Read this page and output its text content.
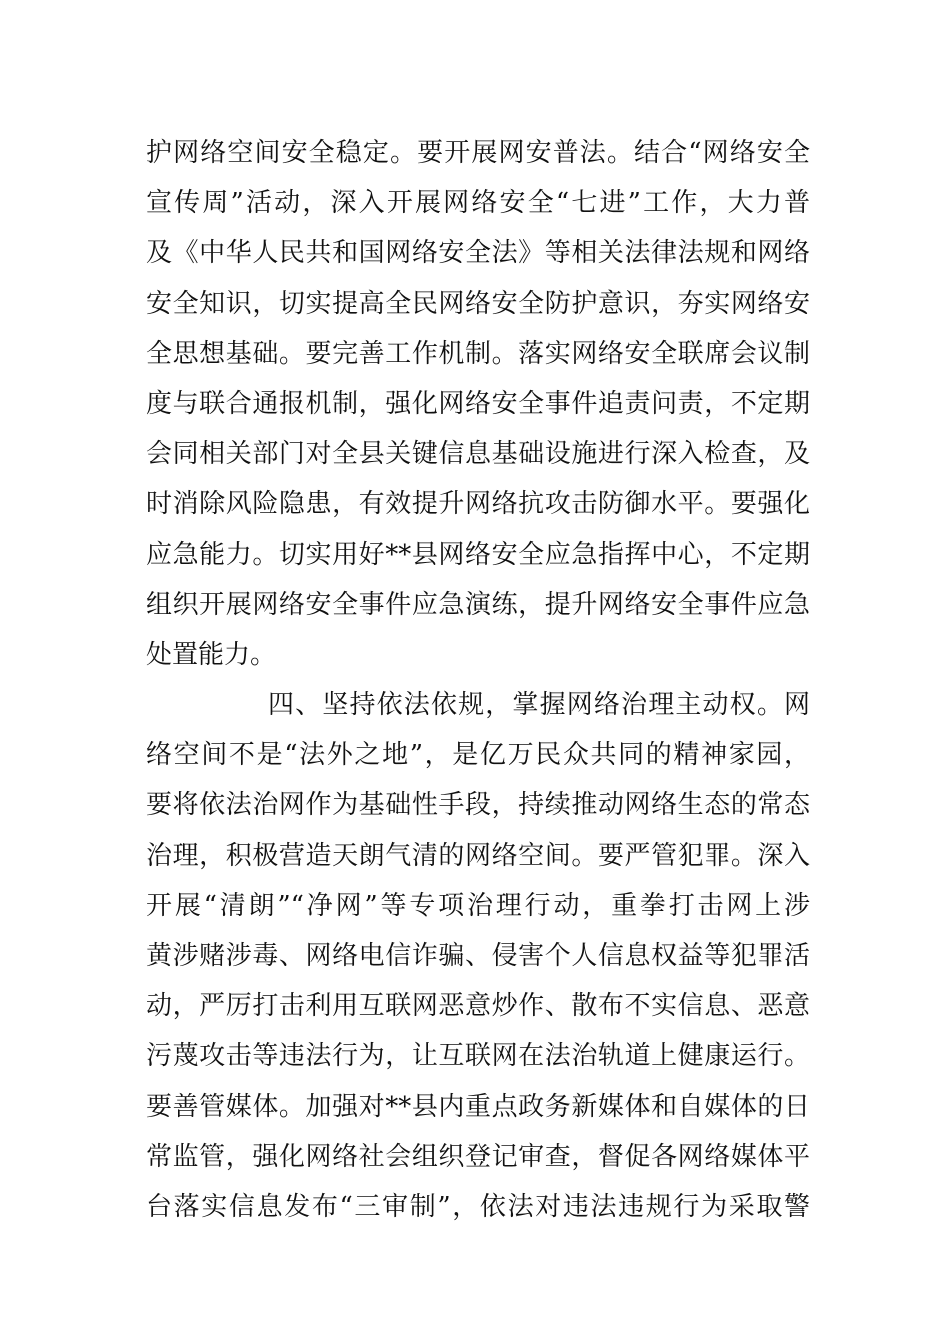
护网络空间安全稳定。要开展网安普法。结合“网络安全
宣传周”活动，深入开展网络安全“七进”工作，大力普
及《中华人民共和国网络安全法》等相关法律法规和网络
安全知识，切实提高全民网络安全防护意识，夯实网络安
全思想基础。要完善工作机制。落实网络安全联席会议制
度与联合通报机制，强化网络安全事件追责问责，不定期
会同相关部门对全县关键信息基础设施进行深入检查，及
时消除风险隐患，有效提升网络抗攻击防御水平。要强化
应急能力。切实用好**县网络安全应急指挥中心，不定期
组织开展网络安全事件应急演练，提升网络安全事件应急
处置能力。
四、坚持依法依规，掌握网络治理主动权。网
络空间不是“法外之地”，是亿万民众共同的精神家园，
要将依法治网作为基础性手段，持续推动网络生态的常态
治理，积极营造天朗气清的网络空间。要严管犯罪。深入
开展“清朗”“净网”等专项治理行动，重拳打击网上涉
黄涉赌涉毒、网络电信诈骗、侵害个人信息权益等犯罪活
动，严厉打击利用互联网恶意炒作、散布不实信息、恶意
污蔑攻击等违法行为，让互联网在法治轨道上健康运行。
要善管媒体。加强对**县内重点政务新媒体和自媒体的日
常监管，强化网络社会组织登记审查，督促各网络媒体平
台落实信息发布“三审制”，依法对违法违规行为采取警
